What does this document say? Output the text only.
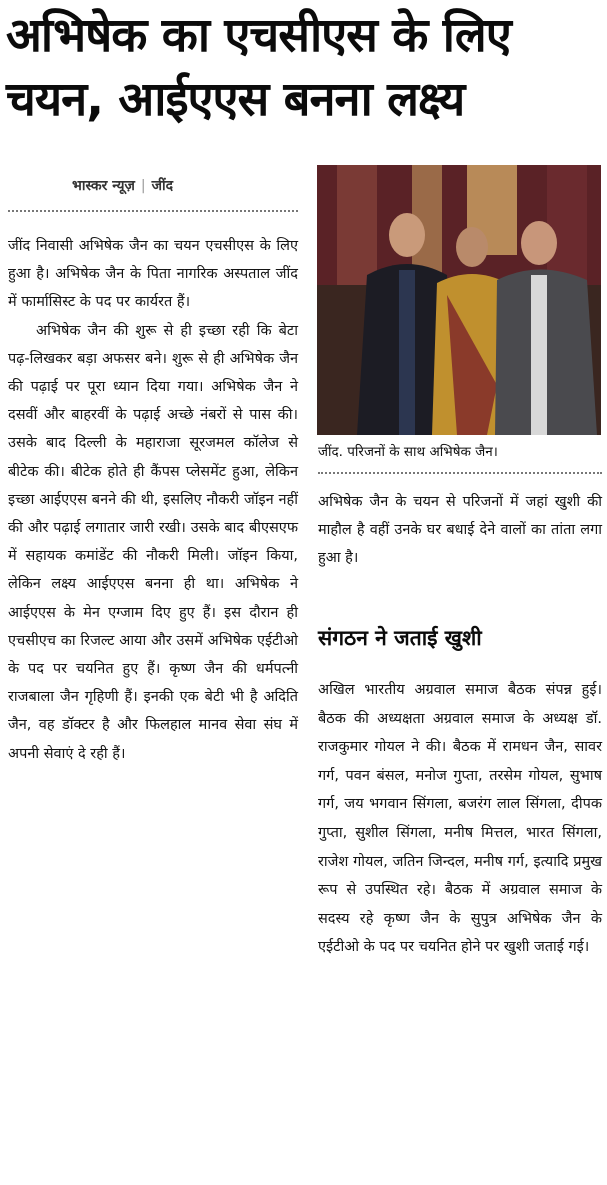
अभिषेक का एचसीएस के लिए
चयन, आईएएस बनना लक्ष्य
भास्कर न्यूज़ | जींद

जींद निवासी अभिषेक जैन का चयन एचसीएस के लिए हुआ है। अभिषेक जैन के पिता नागरिक अस्पताल जींद में फार्मासिस्ट के पद पर कार्यरत हैं।

अभिषेक जैन की शुरू से ही इच्छा रही कि बेटा पढ़-लिखकर बड़ा अफसर बने। शुरू से ही अभिषेक जैन की पढ़ाई पर पूरा ध्यान दिया गया। अभिषेक जैन ने दसवीं और बाहरवीं के पढ़ाई अच्छे नंबरों से पास की। उसके बाद दिल्ली के महाराजा सूरजमल कॉलेज से बीटेक की। बीटेक होते ही कैंपस प्लेसमेंट हुआ, लेकिन इच्छा आईएएस बनने की थी, इसलिए नौकरी जॉइन नहीं की और पढ़ाई लगातार जारी रखी। उसके बाद बीएसएफ में सहायक कमांडेंट की नौकरी मिली। जॉइन किया, लेकिन लक्ष्य आईएएस बनना ही था। अभिषेक ने आईएएस के मेन एग्जाम दिए हुए हैं। इस दौरान ही एचसीएच का रिजल्ट आया और उसमें अभिषेक एईटीओ के पद पर चयनित हुए हैं। कृष्ण जैन की धर्मपत्नी राजबाला जैन गृहिणी हैं। इनकी एक बेटी भी है अदिति जैन, वह डॉक्टर है और फिलहाल मानव सेवा संघ में अपनी सेवाएं दे रही हैं।

जींद. परिजनों के साथ अभिषेक जैन।

अभिषेक जैन के चयन से परिजनों में जहां खुशी की माहौल है वहीं उनके घर बधाई देने वालों का तांता लगा हुआ है।

संगठन ने जताई खुशी

अखिल भारतीय अग्रवाल समाज बैठक संपन्न हुई। बैठक की अध्यक्षता अग्रवाल समाज के अध्यक्ष डॉ. राजकुमार गोयल ने की। बैठक में रामधन जैन, सावर गर्ग, पवन बंसल, मनोज गुप्ता, तरसेम गोयल, सुभाष गर्ग, जय भगवान सिंगला, बजरंग लाल सिंगला, दीपक गुप्ता, सुशील सिंगला, मनीष मित्तल, भारत सिंगला, राजेश गोयल, जतिन जिन्दल, मनीष गर्ग, इत्यादि प्रमुख रूप से उपस्थित रहे। बैठक में अग्रवाल समाज के सदस्य रहे कृष्ण जैन के सुपुत्र अभिषेक जैन के एईटीओ के पद पर चयनित होने पर खुशी जताई गई।
